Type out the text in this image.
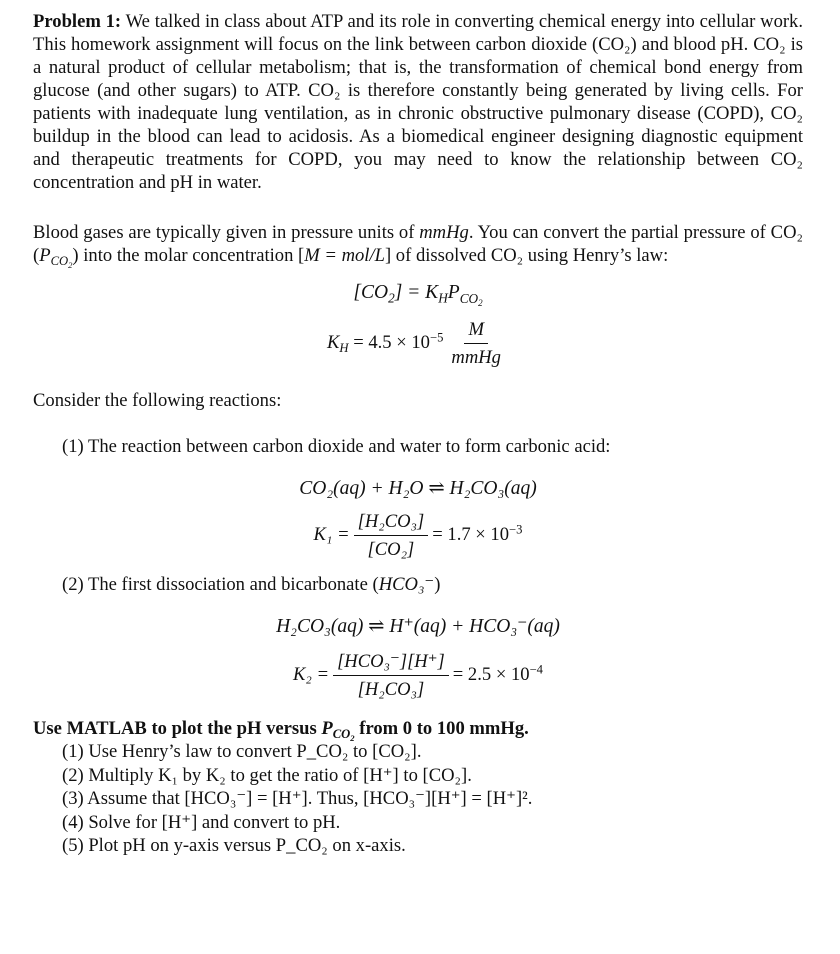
Problem 1: We talked in class about ATP and its role in converting chemical energy into cellular work. This homework assignment will focus on the link between carbon dioxide (CO₂) and blood pH. CO₂ is a natural product of cellular metabolism; that is, the transformation of chemical bond energy from glucose (and other sugars) to ATP. CO₂ is therefore constantly being generated by living cells. For patients with inadequate lung ventilation, as in chronic obstructive pulmonary disease (COPD), CO₂ buildup in the blood can lead to acidosis. As a biomedical engineer designing diagnostic equipment and therapeutic treatments for COPD, you may need to know the relationship between CO₂ concentration and pH in water.

Blood gases are typically given in pressure units of mmHg. You can convert the partial pressure of CO₂ $(P_{CO_2})$ into the molar concentration [M = mol/L] of dissolved CO₂ using Henry’s law:

$[CO_2] = K_HP_{CO_2}$
$K_H = 4.5 \times 10^{-5} \frac{M}{\text{mmHg}}$

Consider the following reactions:

(1) The reaction between carbon dioxide and water to form carbonic acid:
CO₂(aq) + H₂O ⇌ H₂CO₃(aq)
$K_1 = \frac{\text{[H₂CO₃]}}{\text{[CO₂]}} = 1.7 \times 10^{-3}$
(2) The first dissociation and bicarbonate (HCO₃⁻)
H₂CO₃(aq) ⇌ H⁺(aq) + HCO₃⁻(aq)
$K_2 = \frac{\text{[HCO₃⁻][H⁺]}}{\text{[H₂CO₃]}} = 2.5 \times 10^{-4}$
Use MATLAB to plot the pH versus $P_{CO_2}$ from 0 to 100 mmHg.
(1) Use Henry’s law to convert P_CO₂ to [CO₂].
(2) Multiply K₁ by K₂ to get the ratio of [H⁺] to [CO₂].
(3) Assume that [HCO₃⁻] = [H⁺]. Thus, [HCO₃⁻][H⁺] = [H⁺]².
(4) Solve for [H⁺] and convert to pH.
(5) Plot pH on y-axis versus P_CO₂ on x-axis.
